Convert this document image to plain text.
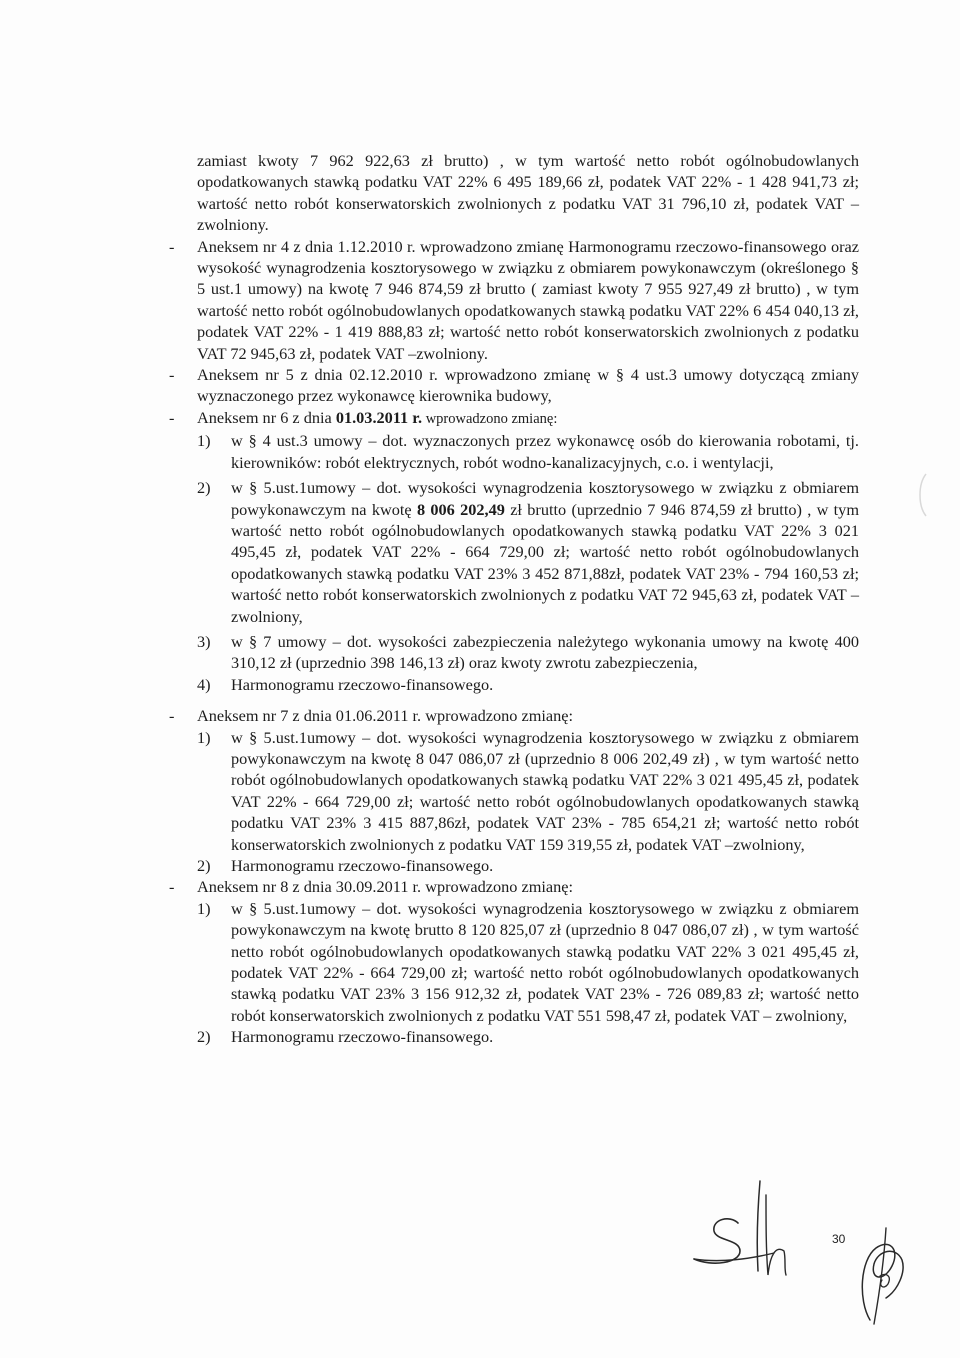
zamiast kwoty 7 962 922,63 zł brutto) , w tym wartość netto robót ogólnobudowlanych opodatkowanych stawką podatku VAT 22% 6 495 189,66 zł, podatek VAT 22% - 1 428 941,73 zł; wartość netto robót konserwatorskich zwolnionych z podatku VAT 31 796,10 zł, podatek VAT –zwolniony.

- Aneksem nr 4 z dnia 1.12.2010 r. wprowadzono zmianę Harmonogramu rzeczowo-finansowego oraz wysokość wynagrodzenia kosztorysowego w związku z obmiarem powykonawczym (określonego § 5 ust.1 umowy) na kwotę 7 946 874,59 zł brutto ( zamiast kwoty 7 955 927,49 zł brutto) , w tym wartość netto robót ogólnobudowlanych opodatkowanych stawką podatku VAT 22% 6 454 040,13 zł, podatek VAT 22% - 1 419 888,83 zł; wartość netto robót konserwatorskich zwolnionych z podatku VAT 72 945,63 zł, podatek VAT –zwolniony.

- Aneksem nr 5 z dnia 02.12.2010 r. wprowadzono zmianę w § 4 ust.3 umowy dotyczącą zmiany wyznaczonego przez wykonawcę kierownika budowy,

- Aneksem nr 6 z dnia 01.03.2011 r. wprowadzono zmianę:

1) w § 4 ust.3 umowy – dot. wyznaczonych przez wykonawcę osób do kierowania robotami, tj. kierowników: robót elektrycznych, robót wodno-kanalizacyjnych, c.o. i wentylacji,

2) w § 5.ust.1umowy – dot. wysokości wynagrodzenia kosztorysowego w związku z obmiarem powykonawczym na kwotę 8 006 202,49 zł brutto (uprzednio 7 946 874,59 zł brutto) , w tym wartość netto robót ogólnobudowlanych opodatkowanych stawką podatku VAT 22% 3 021 495,45 zł, podatek VAT 22% - 664 729,00 zł; wartość netto robót ogólnobudowlanych opodatkowanych stawką podatku VAT 23% 3 452 871,88zł, podatek VAT 23% - 794 160,53 zł; wartość netto robót konserwatorskich zwolnionych z podatku VAT 72 945,63 zł, podatek VAT –zwolniony,

3) w § 7 umowy – dot. wysokości zabezpieczenia należytego wykonania umowy na kwotę 400 310,12 zł (uprzednio 398 146,13 zł) oraz kwoty zwrotu zabezpieczenia,

4) Harmonogramu rzeczowo-finansowego.

- Aneksem nr 7 z dnia 01.06.2011 r. wprowadzono zmianę:

1) w § 5.ust.1umowy – dot. wysokości wynagrodzenia kosztorysowego w związku z obmiarem powykonawczym na kwotę 8 047 086,07 zł (uprzednio 8 006 202,49 zł) , w tym wartość netto robót ogólnobudowlanych opodatkowanych stawką podatku VAT 22% 3 021 495,45 zł, podatek VAT 22% - 664 729,00 zł; wartość netto robót ogólnobudowlanych opodatkowanych stawką podatku VAT 23% 3 415 887,86zł, podatek VAT 23% - 785 654,21 zł; wartość netto robót konserwatorskich zwolnionych z podatku VAT 159 319,55 zł, podatek VAT –zwolniony,

2) Harmonogramu rzeczowo-finansowego.

- Aneksem nr 8 z dnia 30.09.2011 r. wprowadzono zmianę:

1) w § 5.ust.1umowy – dot. wysokości wynagrodzenia kosztorysowego w związku z obmiarem powykonawczym na kwotę brutto 8 120 825,07 zł (uprzednio 8 047 086,07 zł) , w tym wartość netto robót ogólnobudowlanych opodatkowanych stawką podatku VAT 22% 3 021 495,45 zł, podatek VAT 22% - 664 729,00 zł; wartość netto robót ogólnobudowlanych opodatkowanych stawką podatku VAT 23% 3 156 912,32 zł, podatek VAT 23% - 726 089,83 zł; wartość netto robót konserwatorskich zwolnionych z podatku VAT 551 598,47 zł, podatek VAT – zwolniony,

2) Harmonogramu rzeczowo-finansowego.

30
